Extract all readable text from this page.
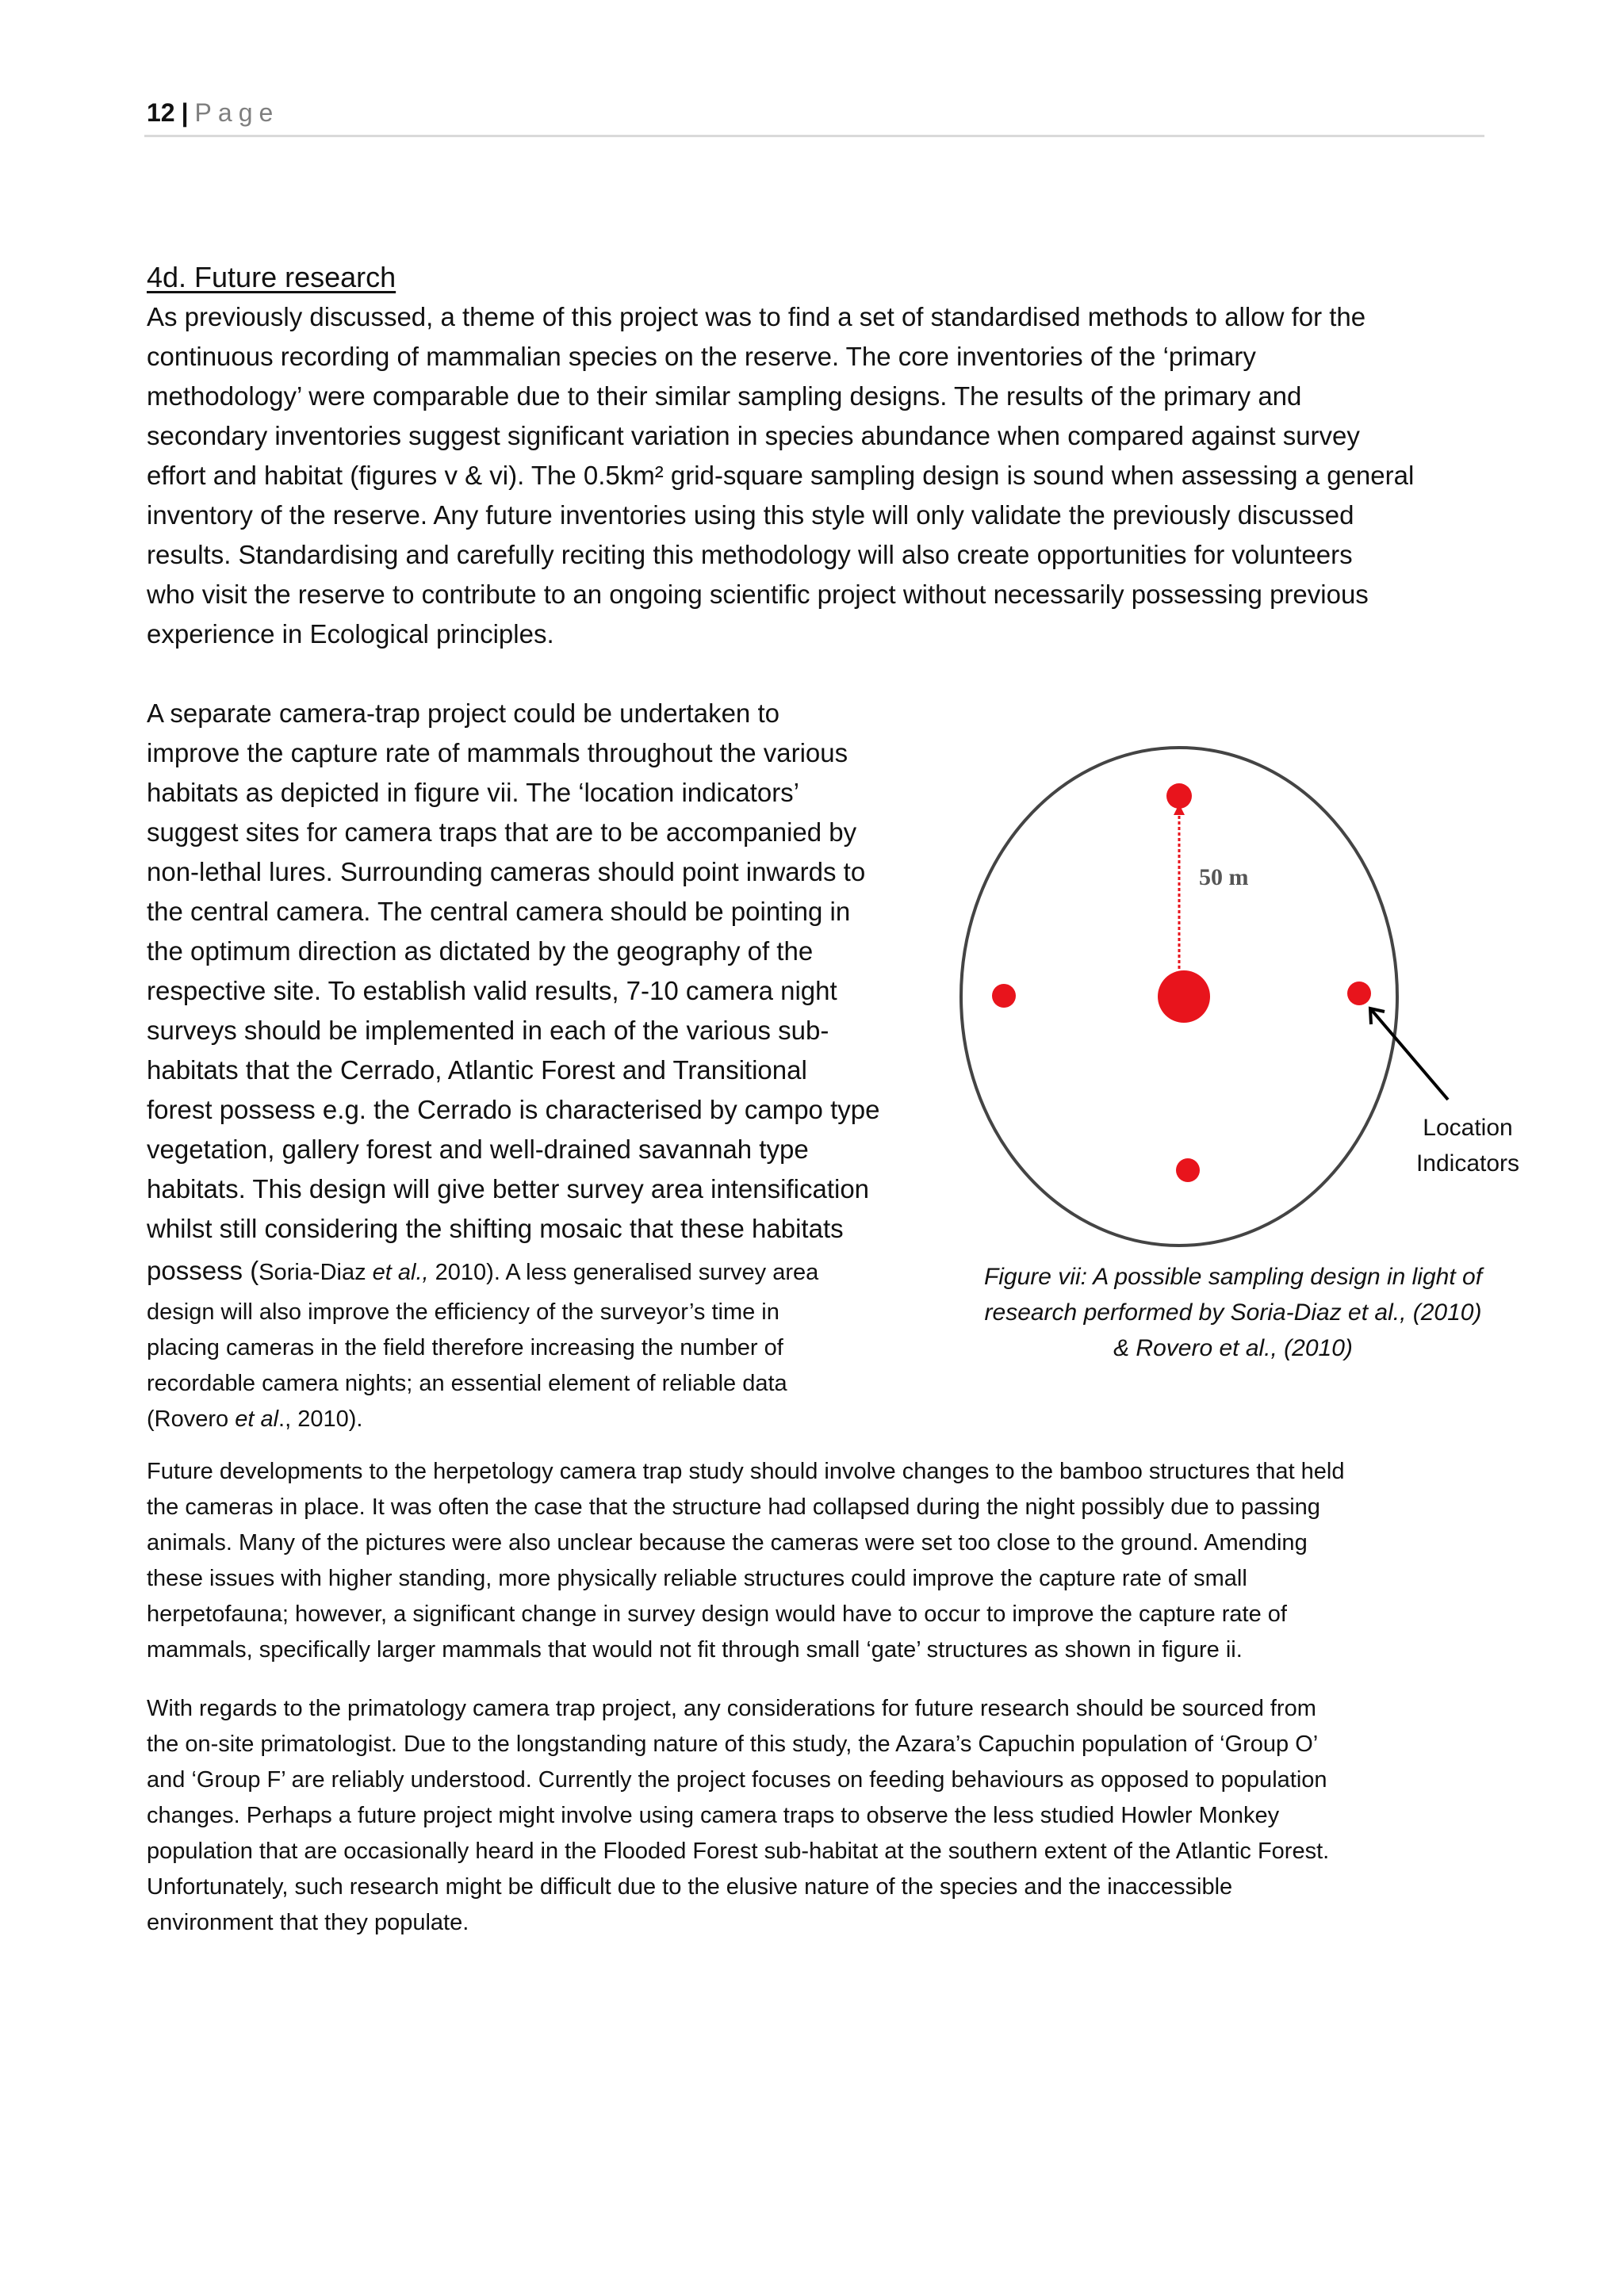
12 | Page
4d. Future research
As previously discussed, a theme of this project was to find a set of standardised methods to allow for the
continuous recording of mammalian species on the reserve. The core inventories of the ‘primary
methodology’ were comparable due to their similar sampling designs. The results of the primary and
secondary inventories suggest significant variation in species abundance when compared against survey
effort and habitat (figures v & vi). The 0.5km² grid-square sampling design is sound when assessing a general
inventory of the reserve. Any future inventories using this style will only validate the previously discussed
results. Standardising and carefully reciting this methodology will also create opportunities for volunteers
who visit the reserve to contribute to an ongoing scientific project without necessarily possessing previous
experience in Ecological principles.
A separate camera-trap project could be undertaken to
improve the capture rate of mammals throughout the various
habitats as depicted in figure vii. The ‘location indicators’
suggest sites for camera traps that are to be accompanied by
non-lethal lures. Surrounding cameras should point inwards to
the central camera. The central camera should be pointing in
the optimum direction as dictated by the geography of the
respective site. To establish valid results, 7-10 camera night
surveys should be implemented in each of the various sub-
habitats that the Cerrado, Atlantic Forest and Transitional
forest possess e.g. the Cerrado is characterised by campo type
vegetation, gallery forest and well-drained savannah type
habitats. This design will give better survey area intensification
whilst still considering the shifting mosaic that these habitats
possess (Soria-Diaz et al., 2010). A less generalised survey area
design will also improve the efficiency of the surveyor’s time in
placing cameras in the field therefore increasing the number of
recordable camera nights; an essential element of reliable data
(Rovero et al., 2010).
50 m
Location
Indicators
Figure vii: A possible sampling design in light of
research performed by Soria-Diaz et al., (2010)
& Rovero et al., (2010)
Future developments to the herpetology camera trap study should involve changes to the bamboo structures that held
the cameras in place. It was often the case that the structure had collapsed during the night possibly due to passing
animals. Many of the pictures were also unclear because the cameras were set too close to the ground. Amending
these issues with higher standing, more physically reliable structures could improve the capture rate of small
herpetofauna; however, a significant change in survey design would have to occur to improve the capture rate of
mammals, specifically larger mammals that would not fit through small ‘gate’ structures as shown in figure ii.
With regards to the primatology camera trap project, any considerations for future research should be sourced from
the on-site primatologist. Due to the longstanding nature of this study, the Azara’s Capuchin population of ‘Group O’
and ‘Group F’ are reliably understood. Currently the project focuses on feeding behaviours as opposed to population
changes. Perhaps a future project might involve using camera traps to observe the less studied Howler Monkey
population that are occasionally heard in the Flooded Forest sub-habitat at the southern extent of the Atlantic Forest.
Unfortunately, such research might be difficult due to the elusive nature of the species and the inaccessible
environment that they populate.
